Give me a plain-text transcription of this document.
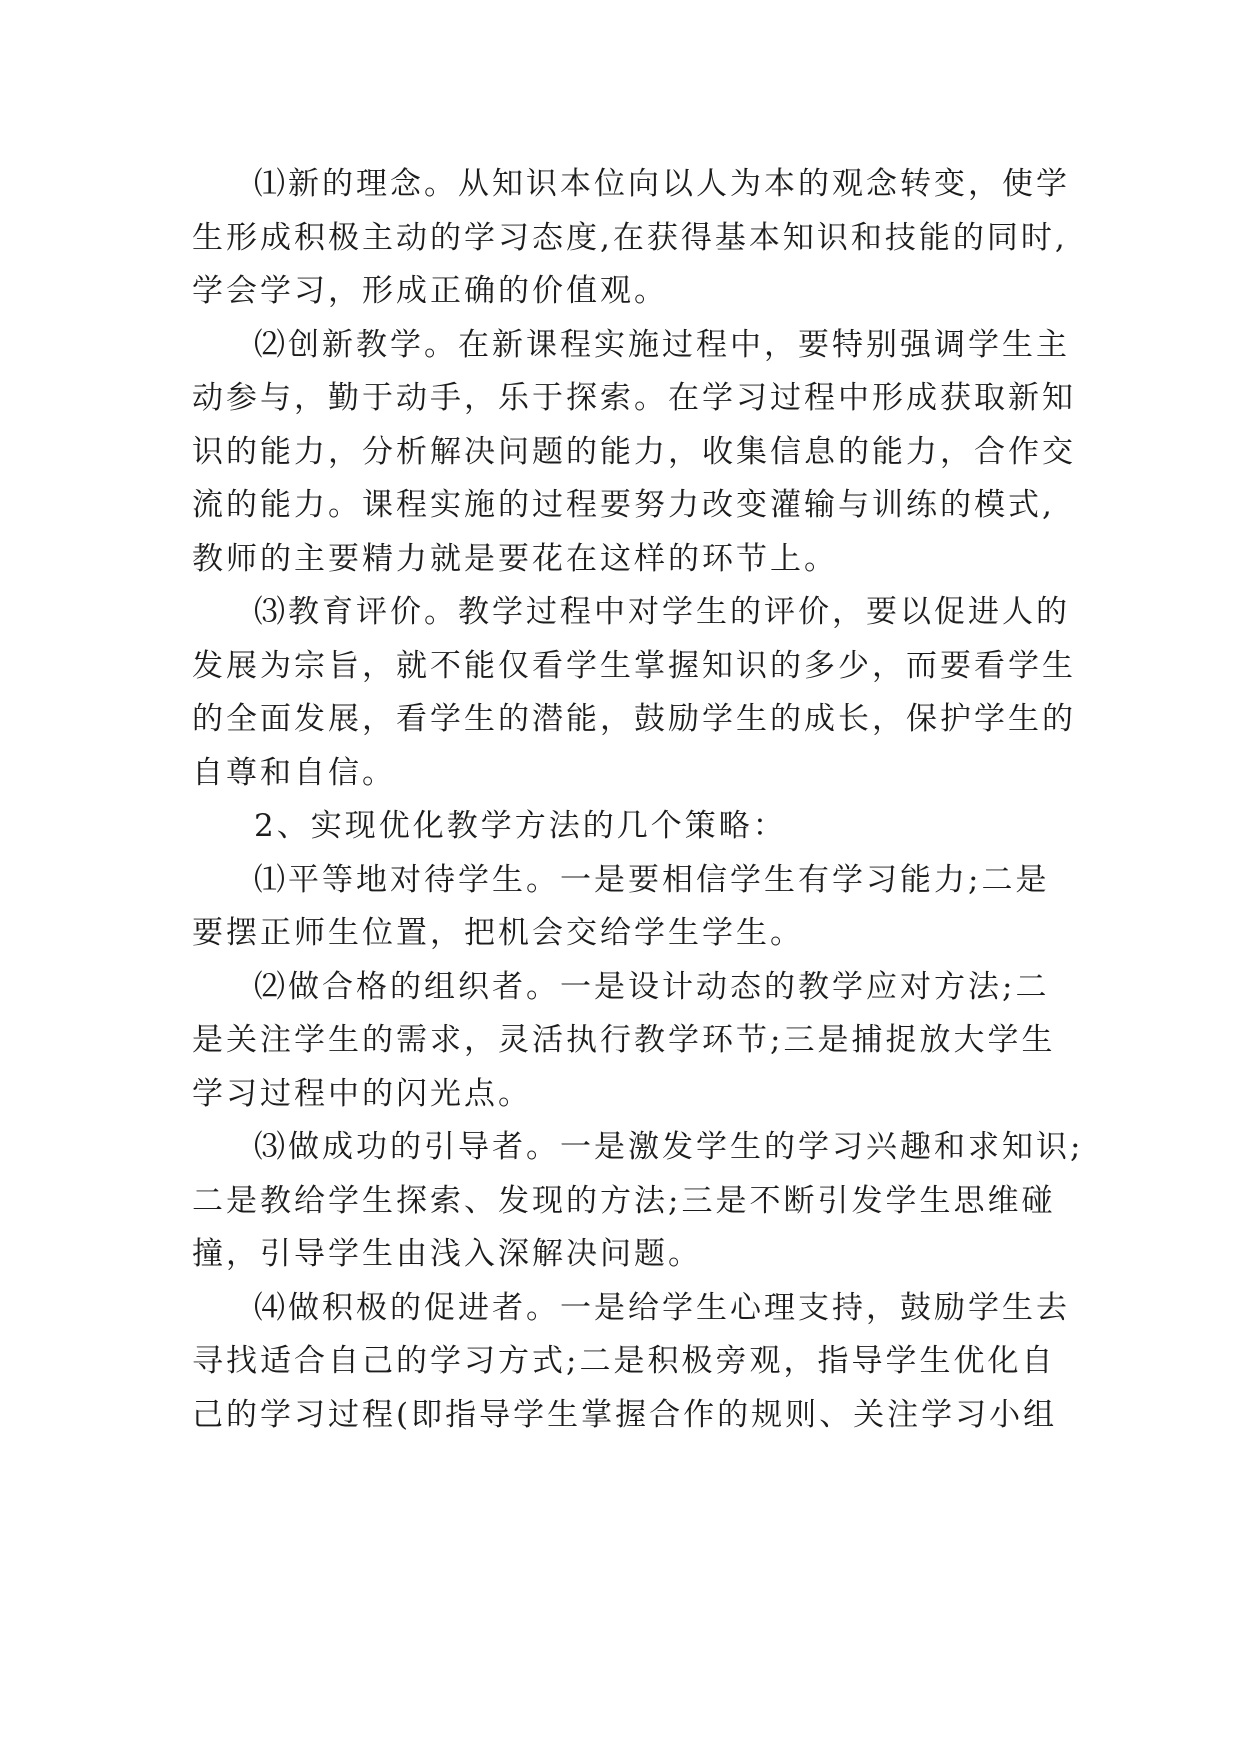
⑴新的理念。从知识本位向以人为本的观念转变，使学
生形成积极主动的学习态度,在获得基本知识和技能的同时,
学会学习，形成正确的价值观。

⑵创新教学。在新课程实施过程中，要特别强调学生主
动参与，勤于动手，乐于探索。在学习过程中形成获取新知
识的能力，分析解决问题的能力，收集信息的能力，合作交
流的能力。课程实施的过程要努力改变灌输与训练的模式,
教师的主要精力就是要花在这样的环节上。

⑶教育评价。教学过程中对学生的评价，要以促进人的
发展为宗旨，就不能仅看学生掌握知识的多少，而要看学生
的全面发展，看学生的潜能，鼓励学生的成长，保护学生的
自尊和自信。

2、实现优化教学方法的几个策略：

⑴平等地对待学生。一是要相信学生有学习能力;二是
要摆正师生位置，把机会交给学生学生。

⑵做合格的组织者。一是设计动态的教学应对方法;二
是关注学生的需求，灵活执行教学环节;三是捕捉放大学生
学习过程中的闪光点。

⑶做成功的引导者。一是激发学生的学习兴趣和求知识;
二是教给学生探索、发现的方法;三是不断引发学生思维碰
撞，引导学生由浅入深解决问题。

⑷做积极的促进者。一是给学生心理支持，鼓励学生去
寻找适合自己的学习方式;二是积极旁观，指导学生优化自
己的学习过程(即指导学生掌握合作的规则、关注学习小组
